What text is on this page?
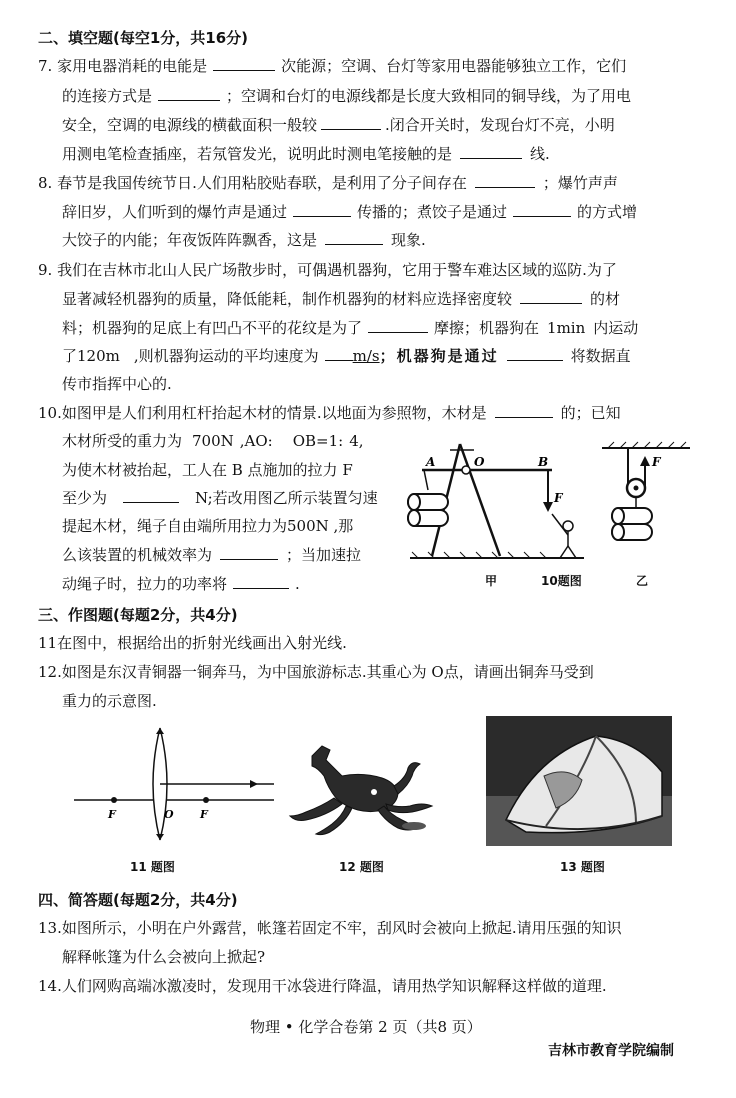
二、填空题(每空1分，共16分)
7. 家用电器消耗的电能是	次能源；空调、台灯等家用电器能够独立工作，它们
的连接方式是	；空调和台灯的电源线都是长度大致相同的铜导线，为了用电
安全，空调的电源线的横截面积一般较	.闭合开关时，发现台灯不亮，小明
用测电笔检查插座，若氖管发光，说明此时测电笔接触的是	线.
8. 春节是我国传统节日.人们用粘胶贴春联，是利用了分子间存在	；爆竹声声
辞旧岁，人们听到的爆竹声是通过	传播的；煮饺子是通过	的方式增
大饺子的内能；年夜饭阵阵飘香，这是	现象.
9. 我们在吉林市北山人民广场散步时，可偶遇机器狗，它用于警车难达区域的巡防.为了
显著减轻机器狗的质量，降低能耗，制作机器狗的材料应选择密度较	的材
料；机器狗的足底上有凹凸不平的花纹是为了	摩擦；机器狗在 1min 内运动
了120m ,则机器狗运动的平均速度为 m/s；机器狗是通过	将数据直
传市指挥中心的.
10.如图甲是人们利用杠杆抬起木材的情景.以地面为参照物，木材是	的；已知
木材所受的重力为 700N ,AO: OB=1: 4,
为使木材被抬起，工人在 B 点施加的拉力 F
至少为	N;若改用图乙所示装置匀速
提起木材，绳子自由端所用拉力为500N ,那
么该装置的机械效率为	；当加速拉
动绳子时，拉力的功率将	.
A	O	B
F
F
甲	10题图	乙
三、作图题(每题2分，共4分)
11在图中，根据给出的折射光线画出入射光线.
12.如图是东汉青铜器一铜奔马，为中国旅游标志.其重心为 O点，请画出铜奔马受到
重力的示意图.
F	O F
11 题图	12 题图	13 题图
四、简答题(每题2分，共4分)
13.如图所示，小明在户外露营，帐篷若固定不牢，刮风时会被向上掀起.请用压强的知识
解释帐篷为什么会被向上掀起?
14.人们网购高端冰激凌时，发现用干冰袋进行降温，请用热学知识解释这样做的道理.
物理 • 化学合卷第 2 页（共8 页）
吉林市教育学院编制
